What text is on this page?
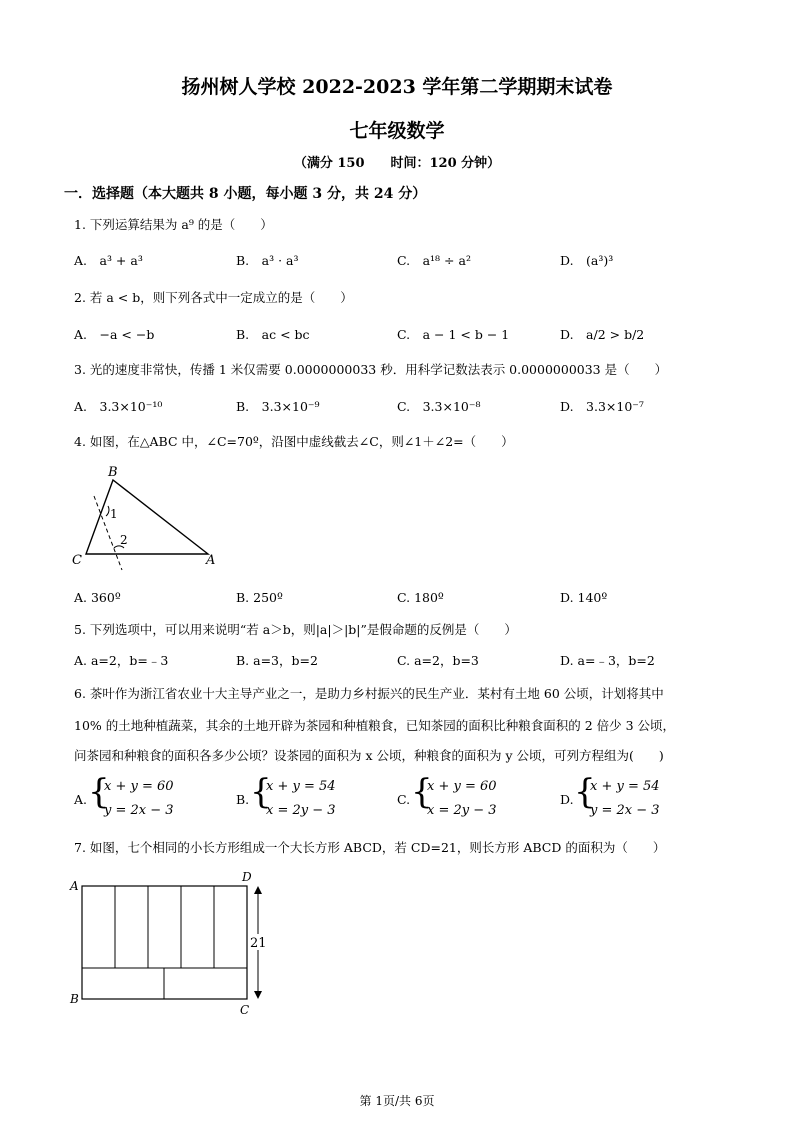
扬州树人学校 2022-2023 学年第二学期期末试卷
七年级数学
（满分 150　　时间：120 分钟）
一．选择题（本大题共 8 小题，每小题 3 分，共 24 分）
1. 下列运算结果为 a⁹ 的是（　　）
A.　a³ + a³	B.　a³ · a³	C.　a¹⁸ ÷ a²	D.　(a³)³
2. 若 a < b，则下列各式中一定成立的是（　　）
A.　−a < −b	B.　ac < bc	C.　a − 1 < b − 1	D.　a/2 > b/2
3. 光的速度非常快，传播 1 米仅需要 0.0000000033 秒．用科学记数法表示 0.0000000033 是（　　）
A.　3.3×10⁻¹⁰	B.　3.3×10⁻⁹	C.　3.3×10⁻⁸	D.　3.3×10⁻⁷
4. 如图，在△ABC 中，∠C=70º，沿图中虚线截去∠C，则∠1＋∠2=（　　）
B
C	A
1
2
A. 360º	B. 250º	C. 180º	D. 140º
5. 下列选项中，可以用来说明“若 a＞b，则|a|＞|b|”是假命题的反例是（　　）
A. a=2，b=﹣3	B. a=3，b=2	C. a=2，b=3	D. a=﹣3，b=2
6. 茶叶作为浙江省农业十大主导产业之一，是助力乡村振兴的民生产业．某村有土地 60 公顷，计划将其中
10% 的土地种植蔬菜，其余的土地开辟为茶园和种植粮食，已知茶园的面积比种粮食面积的 2 倍少 3 公顷，
问茶园和种粮食的面积各多少公顷？设茶园的面积为 x 公顷，种粮食的面积为 y 公顷，可列方程组为(　　)
A. {
x + y = 60
y = 2x − 3
B. {
x + y = 54
x = 2y − 3
C. {
x + y = 60
x = 2y − 3
D. {
x + y = 54
y = 2x − 3
7. 如图，七个相同的小长方形组成一个大长方形 ABCD，若 CD=21，则长方形 ABCD 的面积为（　　）
21
A
D
B
C
第 1页/共 6页
